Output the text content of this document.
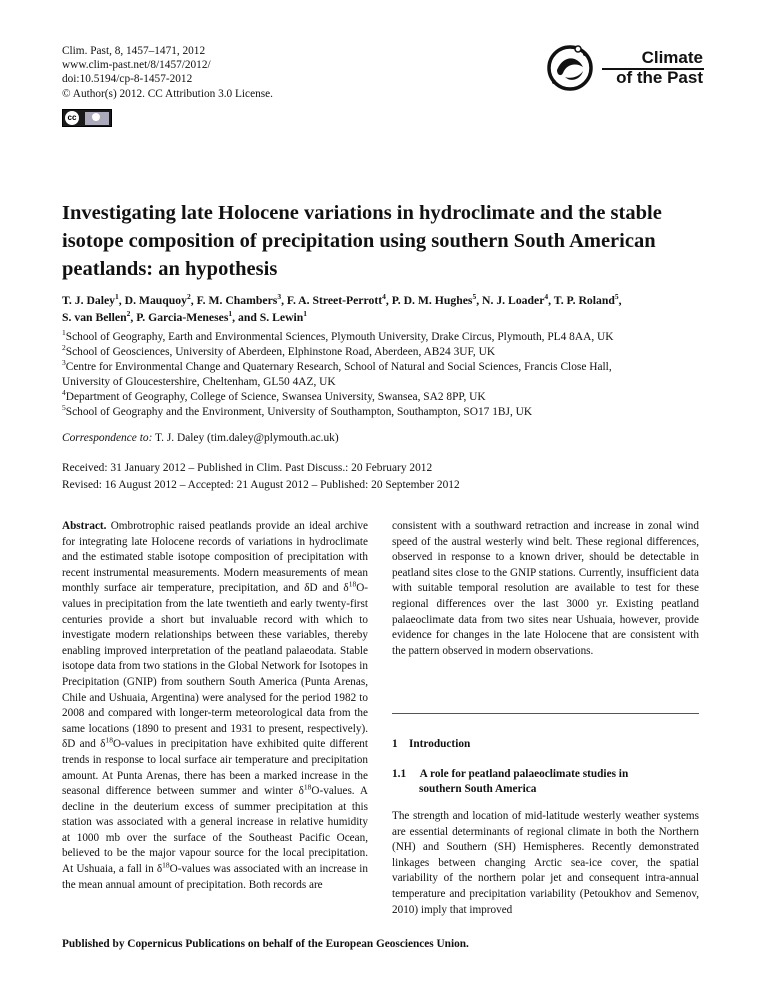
Clim. Past, 8, 1457–1471, 2012
www.clim-past.net/8/1457/2012/
doi:10.5194/cp-8-1457-2012
© Author(s) 2012. CC Attribution 3.0 License.
cc
Climate
of the Past
Investigating late Holocene variations in hydroclimate and the stable isotope composition of precipitation using southern South American peatlands: an hypothesis
T. J. Daley$^1$, D. Mauquoy$^2$, F. M. Chambers$^3$, F. A. Street-Perrott$^4$, P. D. M. Hughes$^5$, N. J. Loader$^4$, T. P. Roland$^5$,
S. van Bellen$^2$, P. Garcia-Meneses$^1$, and S. Lewin$^1$
$^1$School of Geography, Earth and Environmental Sciences, Plymouth University, Drake Circus, Plymouth, PL4 8AA, UK
$^2$School of Geosciences, University of Aberdeen, Elphinstone Road, Aberdeen, AB24 3UF, UK
$^3$Centre for Environmental Change and Quaternary Research, School of Natural and Social Sciences, Francis Close Hall,
University of Gloucestershire, Cheltenham, GL50 4AZ, UK
$^4$Department of Geography, College of Science, Swansea University, Swansea, SA2 8PP, UK
$^5$School of Geography and the Environment, University of Southampton, Southampton, SO17 1BJ, UK
Correspondence to: T. J. Daley (tim.daley@plymouth.ac.uk)
Received: 31 January 2012 – Published in Clim. Past Discuss.: 20 February 2012
Revised: 16 August 2012 – Accepted: 21 August 2012 – Published: 20 September 2012

Abstract. Ombrotrophic raised peatlands provide an ideal archive for integrating late Holocene records of variations in hydroclimate and the estimated stable isotope composition of precipitation with recent instrumental measurements. Modern measurements of mean monthly surface air temperature, precipitation, and δD and $\delta^{18}O$-values in precipitation from the late twentieth and early twenty-first centuries provide a short but invaluable record with which to investigate modern relationships between these variables, thereby enabling improved interpretation of the peatland palaeodata. Stable isotope data from two stations in the Global Network for Isotopes in Precipitation (GNIP) from southern South America (Punta Arenas, Chile and Ushuaia, Argentina) were analysed for the period 1982 to 2008 and compared with longer-term meteorological data from the same locations (1890 to present and 1931 to present, respectively). δD and $\delta^{18}O$-values in precipitation have exhibited quite different trends in response to local surface air temperature and precipitation amount. At Punta Arenas, there has been a marked increase in the seasonal difference between summer and winter $\delta^{18}O$-values. A decline in the deuterium excess of summer precipitation at this station was associated with a general increase in relative humidity at 1000 mb over the surface of the Southeast Pacific Ocean, believed to be the major vapour source for the local precipitation. At Ushuaia, a fall in $\delta^{18}O$-values was associated with an increase in the mean annual amount of precipitation. Both records are

1 Introduction
1.1 A role for peatland palaeoclimate studies in
southern South America
The strength and location of mid-latitude westerly weather systems are essential determinants of regional climate in both the Northern (NH) and Southern (SH) Hemispheres. Recently demonstrated linkages between changing Arctic sea-ice cover, the spatial variability of the northern polar jet and consequent intra-annual temperature and precipitation variability (Petoukhov and Semenov, 2010) imply that improved
Published by Copernicus Publications on behalf of the European Geosciences Union.

consistent with a southward retraction and increase in zonal wind speed of the austral westerly wind belt. These regional differences, observed in response to a known driver, should be detectable in peatland sites close to the GNIP stations. Currently, insufficient data with suitable temporal resolution are available to test for these regional differences over the last 3000 yr. Existing peatland palaeoclimate data from two sites near Ushuaia, however, provide evidence for changes in the late Holocene that are consistent with the pattern observed in modern observations.
